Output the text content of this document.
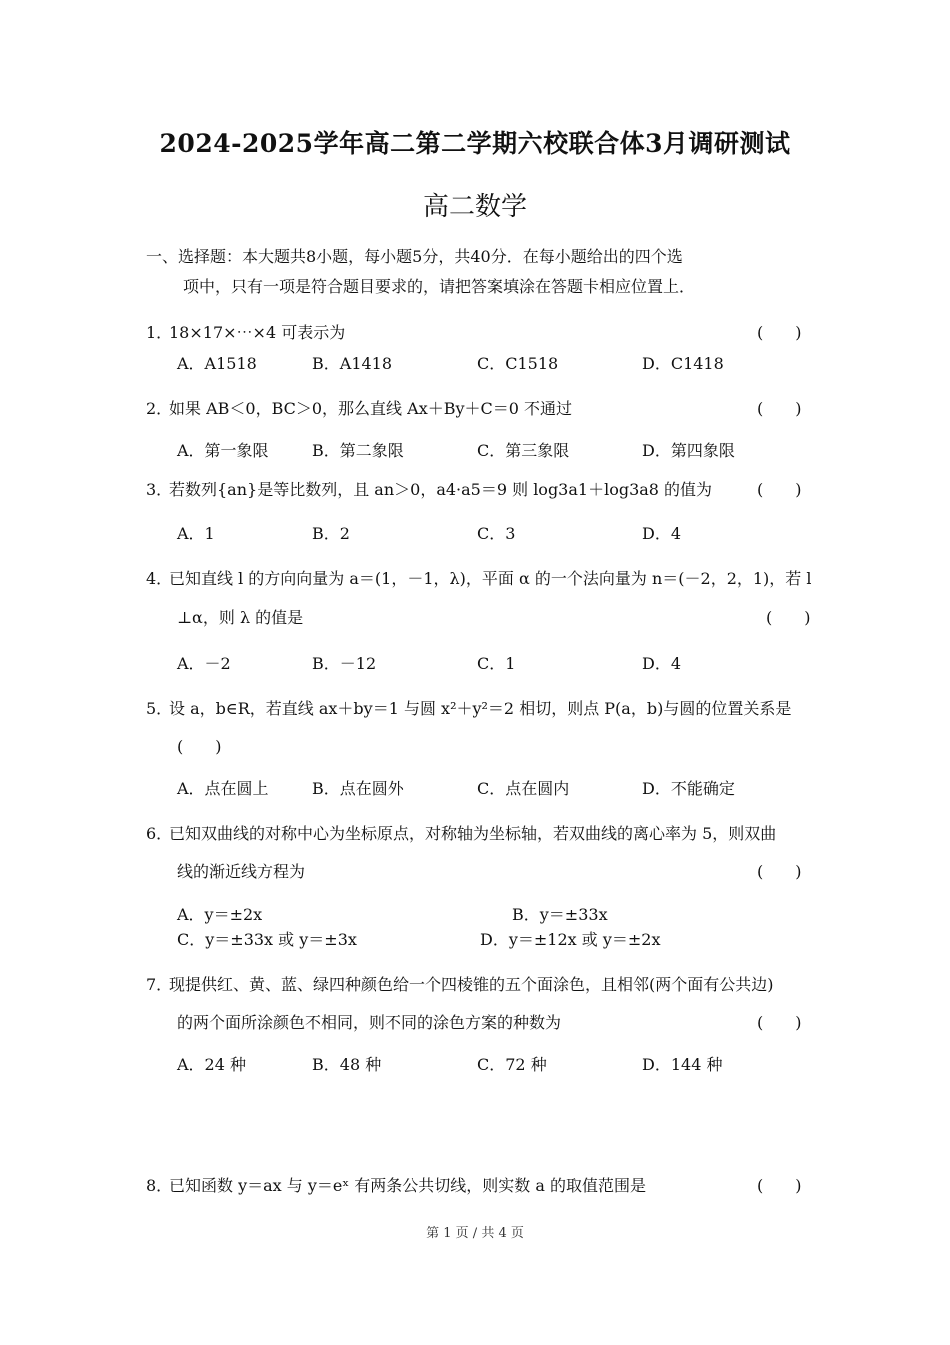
2024-2025学年高二第二学期六校联合体3月调研测试
高二数学
一、选择题：本大题共8小题，每小题5分，共40分．在每小题给出的四个选
项中，只有一项是符合题目要求的，请把答案填涂在答题卡相应位置上．
1．
18×17×⋯×4 可表示为	(　　)
A．A1518	B．A1418	C．C1518	D．C1418
2．
如果 AB＜0，BC＞0，那么直线 Ax＋By＋C＝0 不通过	(　　)
A．第一象限	B．第二象限	C．第三象限	D．第四象限
3．
若数列{an}是等比数列，且 an＞0，a4·a5＝9 则 log3a1＋log3a8 的值为	(　　)
A．1	B．2	C．3	D．4
4．
已知直线 l 的方向向量为 a＝(1，－1，λ)，平面 α 的一个法向量为 n＝(－2，2，1)，若 l
⊥α，则 λ 的值是	(　　)
A．－2	B．－12	C．1	D．4
5．
设 a，b∈R，若直线 ax＋by＝1 与圆 x²＋y²＝2 相切，则点 P(a，b)与圆的位置关系是
(　　)
A．点在圆上	B．点在圆外	C．点在圆内	D．不能确定
6．
已知双曲线的对称中心为坐标原点，对称轴为坐标轴，若双曲线的离心率为 5，则双曲
线的渐近线方程为	(　　)
A．y＝±2x	B．y＝±33x
C．y＝±33x 或 y＝±3x	D．y＝±12x 或 y＝±2x
7．
现提供红、黄、蓝、绿四种颜色给一个四棱锥的五个面涂色，且相邻(两个面有公共边)
的两个面所涂颜色不相同，则不同的涂色方案的种数为	(　　)
A．24 种	B．48 种	C．72 种	D．144 种
8．
已知函数 y＝ax 与 y＝eˣ 有两条公共切线，则实数 a 的取值范围是	(　　)
第 1 页 / 共 4 页
